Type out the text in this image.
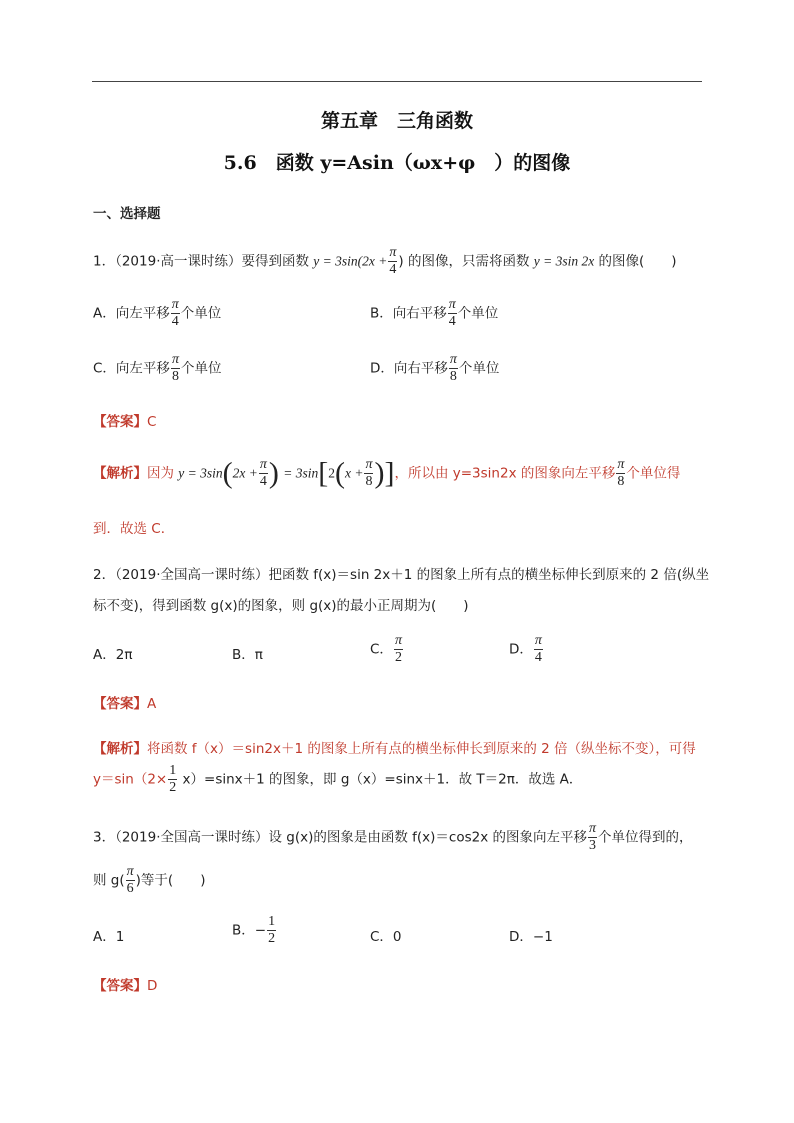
第五章　三角函数
5.6　函数 y=Asin（ωx+φ　）的图像
一、选择题
1．（2019·高一课时练）要得到函数 $y = 3\sin(2x + \frac{\pi}{4}$ ) 的图像，只需将函数 y = 3sin 2x 的图像(　　)
A．向左平移 $\frac{\pi}{4}$ 个单位	B．向右平移 $\frac{\pi}{4}$ 个单位
C．向左平移 $\frac{\pi}{8}$ 个单位	D．向右平移 $\frac{\pi}{8}$ 个单位
【答案】C
【解析】因为 $y = 3\sin(2x + \frac{\pi}{4}$ ) = $3\sin[2(x + \frac{\pi}{8}$ )]，所以由 y=3sin2x 的图象向左平移 $\frac{\pi}{8}$ 个单位得
到．故选 C．
2．（2019·全国高一课时练）把函数 f(x)＝sin 2x＋1 的图象上所有点的横坐标伸长到原来的 2 倍(纵坐
标不变)，得到函数 g(x)的图象，则 g(x)的最小正周期为(　　)
A．2π	B．π	C． $\frac{\pi}{2}$	D． $\frac{\pi}{4}$
【答案】A
【解析】将函数 f（x）＝sin2x＋1 的图象上所有点的横坐标伸长到原来的 2 倍（纵坐标不变），可得
$y=\sin(2\times \frac{1}{2} x)=\sin x+1$ 的图象，即 g（x）=sinx＋1．故 T＝2π．故选 A．
3．（2019·全国高一课时练）设 g(x)的图象是由函数 f(x)＝cos2x 的图象向左平移 $\frac{\pi}{3}$ 个单位得到的，
则 $g( \frac{\pi}{6}$ )等于(　　)
A．1	B．− $\frac{1}{2}$	C．0	D．−1
【答案】D
